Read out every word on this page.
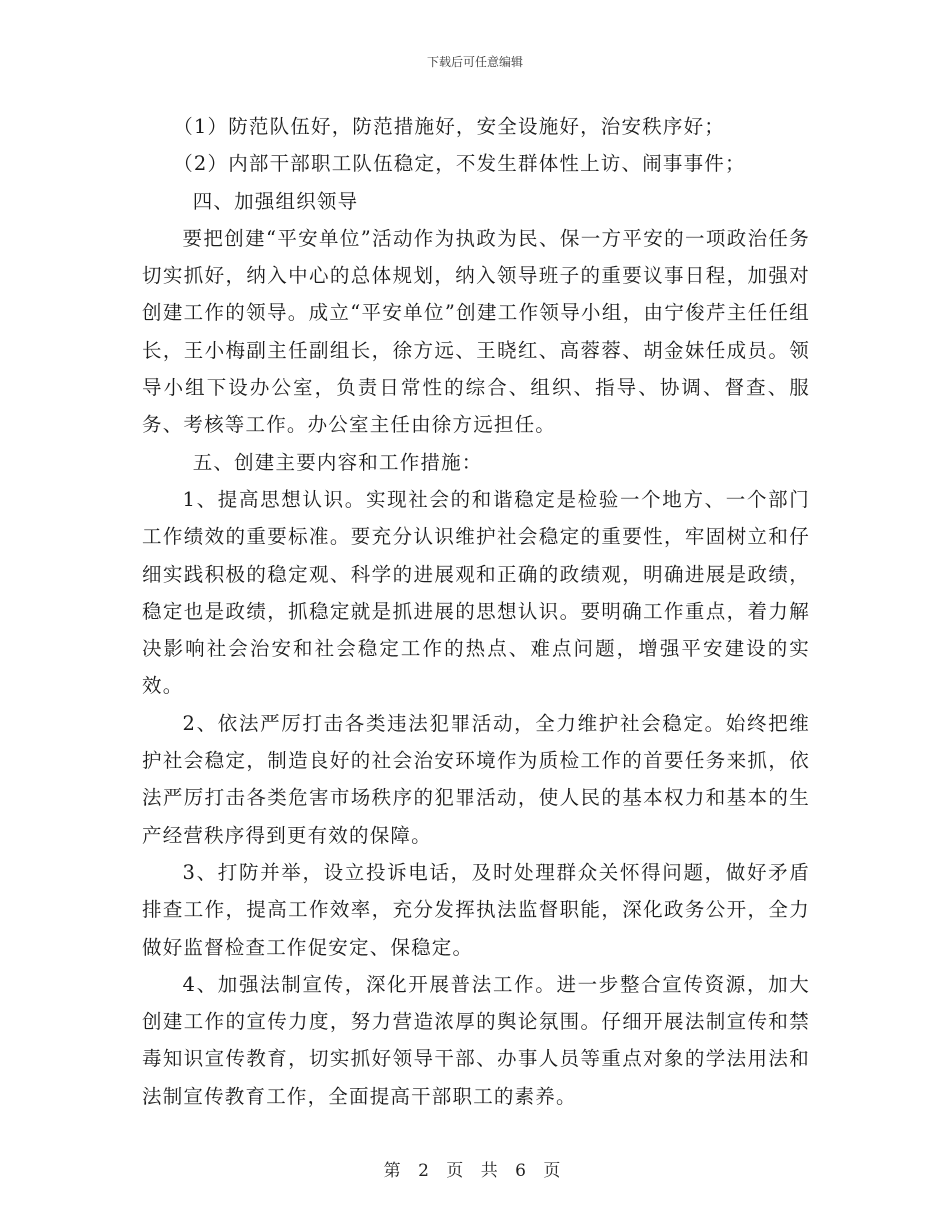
下载后可任意编辑

（1）防范队伍好，防范措施好，安全设施好，治安秩序好；

（2）内部干部职工队伍稳定，不发生群体性上访、闹事事件；

四、加强组织领导

要把创建“平安单位”活动作为执政为民、保一方平安的一项政治任务切实抓好，纳入中心的总体规划，纳入领导班子的重要议事日程，加强对创建工作的领导。成立“平安单位”创建工作领导小组，由宁俊芹主任任组长，王小梅副主任副组长，徐方远、王晓红、高蓉蓉、胡金妹任成员。领导小组下设办公室，负责日常性的综合、组织、指导、协调、督查、服务、考核等工作。办公室主任由徐方远担任。

五、创建主要内容和工作措施：

1、提高思想认识。实现社会的和谐稳定是检验一个地方、一个部门工作绩效的重要标准。要充分认识维护社会稳定的重要性，牢固树立和仔细实践积极的稳定观、科学的进展观和正确的政绩观，明确进展是政绩，稳定也是政绩，抓稳定就是抓进展的思想认识。要明确工作重点，着力解决影响社会治安和社会稳定工作的热点、难点问题，增强平安建设的实效。

2、依法严厉打击各类违法犯罪活动，全力维护社会稳定。始终把维护社会稳定，制造良好的社会治安环境作为质检工作的首要任务来抓，依法严厉打击各类危害市场秩序的犯罪活动，使人民的基本权力和基本的生产经营秩序得到更有效的保障。

3、打防并举，设立投诉电话，及时处理群众关怀得问题，做好矛盾排查工作，提高工作效率，充分发挥执法监督职能，深化政务公开，全力做好监督检查工作促安定、保稳定。

4、加强法制宣传，深化开展普法工作。进一步整合宣传资源，加大创建工作的宣传力度，努力营造浓厚的舆论氛围。仔细开展法制宣传和禁毒知识宣传教育，切实抓好领导干部、办事人员等重点对象的学法用法和法制宣传教育工作，全面提高干部职工的素养。

第 2 页 共 6 页
